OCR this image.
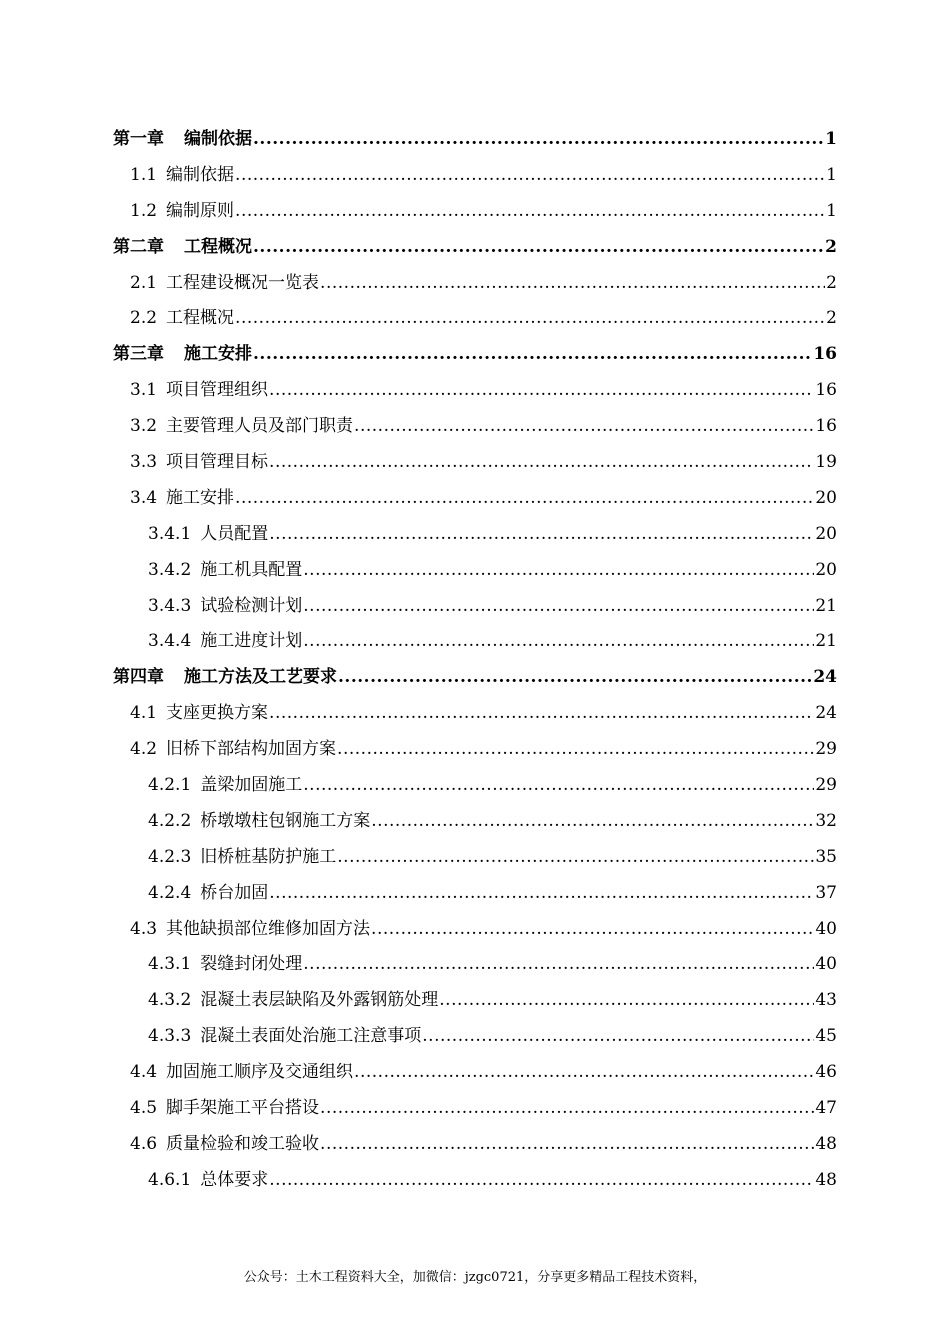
第一章 编制依据 .....	1
1.1 编制依据 .....	1
1.2 编制原则 .....	1
第二章 工程概况 .....	2
2.1 工程建设概况一览表 .....	2
2.2 工程概况 .....	2
第三章 施工安排 .....	16
3.1 项目管理组织 .....	16
3.2 主要管理人员及部门职责 .....	16
3.3 项目管理目标 .....	19
3.4 施工安排 .....	20
3.4.1 人员配置 .....	20
3.4.2 施工机具配置 .....	20
3.4.3 试验检测计划 .....	21
3.4.4 施工进度计划 .....	21
第四章 施工方法及工艺要求 .....	24
4.1 支座更换方案 .....	24
4.2 旧桥下部结构加固方案 .....	29
4.2.1 盖梁加固施工 .....	29
4.2.2 桥墩墩柱包钢施工方案 .....	32
4.2.3 旧桥桩基防护施工 .....	35
4.2.4 桥台加固 .....	37
4.3 其他缺损部位维修加固方法 .....	40
4.3.1 裂缝封闭处理 .....	40
4.3.2 混凝土表层缺陷及外露钢筋处理 .....	43
4.3.3 混凝土表面处治施工注意事项 .....	45
4.4 加固施工顺序及交通组织 .....	46
4.5 脚手架施工平台搭设 .....	47
4.6 质量检验和竣工验收 .....	48
4.6.1 总体要求 .....	48
公众号：土木工程资料大全，加微信：jzgc0721，分享更多精品工程技术资料，
